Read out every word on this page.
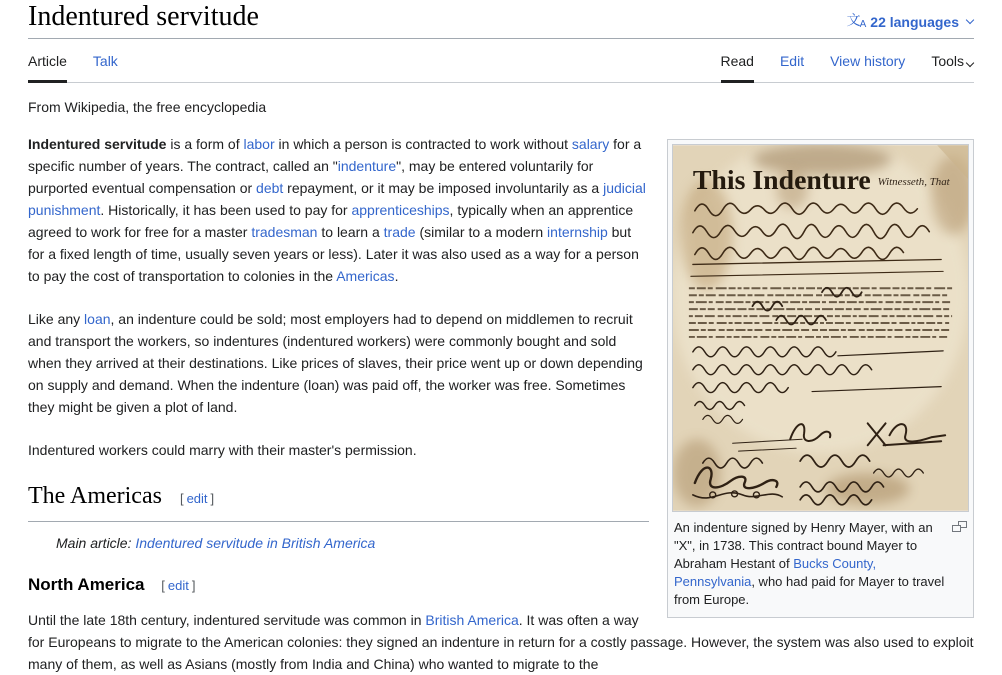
Indentured servitude	文A 22 languages
Article Talk	Read Edit View history Tools
From Wikipedia, the free encyclopedia
This Indenture Witnesseth, That
An indenture signed by Henry Mayer, with an "X", in 1738. This contract bound Mayer to Abraham Hestant of Bucks County, Pennsylvania, who had paid for Mayer to travel from Europe.

Indentured servitude is a form of labor in which a person is contracted to work without salary for a specific number of years. The contract, called an "indenture", may be entered voluntarily for purported eventual compensation or debt repayment, or it may be imposed involuntarily as a judicial punishment. Historically, it has been used to pay for apprenticeships, typically when an apprentice agreed to work for free for a master tradesman to learn a trade (similar to a modern internship but for a fixed length of time, usually seven years or less). Later it was also used as a way for a person to pay the cost of transportation to colonies in the Americas.

Like any loan, an indenture could be sold; most employers had to depend on middlemen to recruit and transport the workers, so indentures (indentured workers) were commonly bought and sold when they arrived at their destinations. Like prices of slaves, their price went up or down depending on supply and demand. When the indenture (loan) was paid off, the worker was free. Sometimes they might be given a plot of land.

Indentured workers could marry with their master's permission.

The Americas [ edit ]
Main article: Indentured servitude in British America
North America [ edit ]

Until the late 18th century, indentured servitude was common in British America. It was often a way for Europeans to migrate to the American colonies: they signed an indenture in return for a costly passage. However, the system was also used to exploit many of them, as well as Asians (mostly from India and China) who wanted to migrate to the
